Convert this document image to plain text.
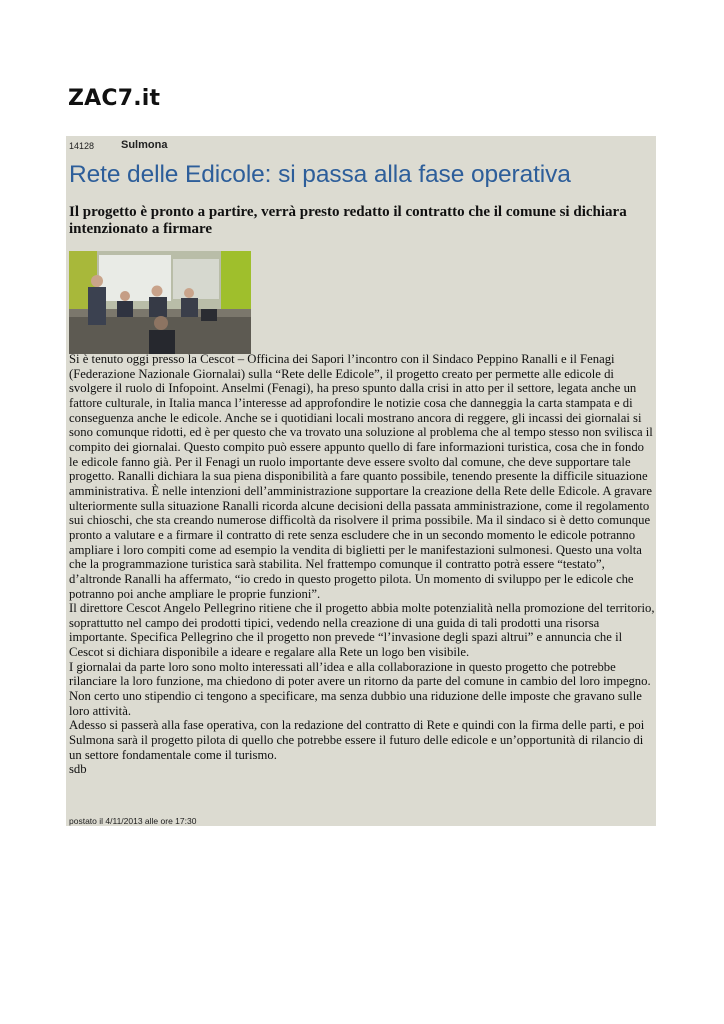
ZAC7.it
14128 Sulmona
Rete delle Edicole: si passa alla fase operativa
Il progetto è pronto a partire, verrà presto redatto il contratto che il comune si dichiara intenzionato a firmare

Si è tenuto oggi presso la Cescot – Officina dei Sapori l’incontro con il Sindaco Peppino Ranalli e il Fenagi (Federazione Nazionale Giornalai) sulla “Rete delle Edicole”, il progetto creato per permette alle edicole di svolgere il ruolo di Infopoint. Anselmi (Fenagi), ha preso spunto dalla crisi in atto per il settore, legata anche un fattore culturale, in Italia manca l’interesse ad approfondire le notizie cosa che danneggia la carta stampata e di conseguenza anche le edicole. Anche se i quotidiani locali mostrano ancora di reggere, gli incassi dei giornalai si sono comunque ridotti, ed è per questo che va trovato una soluzione al problema che al tempo stesso non svilisca il compito dei giornalai. Questo compito può essere appunto quello di fare informazioni turistica, cosa che in fondo le edicole fanno già. Per il Fenagi un ruolo importante deve essere svolto dal comune, che deve supportare tale progetto. Ranalli dichiara la sua piena disponibilità a fare quanto possibile, tenendo presente la difficile situazione amministrativa. È nelle intenzioni dell’amministrazione supportare la creazione della Rete delle Edicole. A gravare ulteriormente sulla situazione Ranalli ricorda alcune decisioni della passata amministrazione, come il regolamento sui chioschi, che sta creando numerose difficoltà da risolvere il prima possibile. Ma il sindaco si è detto comunque pronto a valutare e a firmare il contratto di rete senza escludere che in un secondo momento le edicole potranno ampliare i loro compiti come ad esempio la vendita di biglietti per le manifestazioni sulmonesi. Questo una volta che la programmazione turistica sarà stabilita. Nel frattempo comunque il contratto potrà essere “testato”, d’altronde Ranalli ha affermato, “io credo in questo progetto pilota. Un momento di sviluppo per le edicole che potranno poi anche ampliare le proprie funzioni”.

Il direttore Cescot Angelo Pellegrino ritiene che il progetto abbia molte potenzialità nella promozione del territorio, soprattutto nel campo dei prodotti tipici, vedendo nella creazione di una guida di tali prodotti una risorsa importante. Specifica Pellegrino che il progetto non prevede “l’invasione degli spazi altrui” e annuncia che il Cescot si dichiara disponibile a ideare e regalare alla Rete un logo ben visibile.

I giornalai da parte loro sono molto interessati all’idea e alla collaborazione in questo progetto che potrebbe rilanciare la loro funzione, ma chiedono di poter avere un ritorno da parte del comune in cambio del loro impegno. Non certo uno stipendio ci tengono a specificare, ma senza dubbio una riduzione delle imposte che gravano sulle loro attività.

Adesso si passerà alla fase operativa, con la redazione del contratto di Rete e quindi con la firma delle parti, e poi Sulmona sarà il progetto pilota di quello che potrebbe essere il futuro delle edicole e un’opportunità di rilancio di un settore fondamentale come il turismo.

sdb

postato il 4/11/2013 alle ore 17:30
